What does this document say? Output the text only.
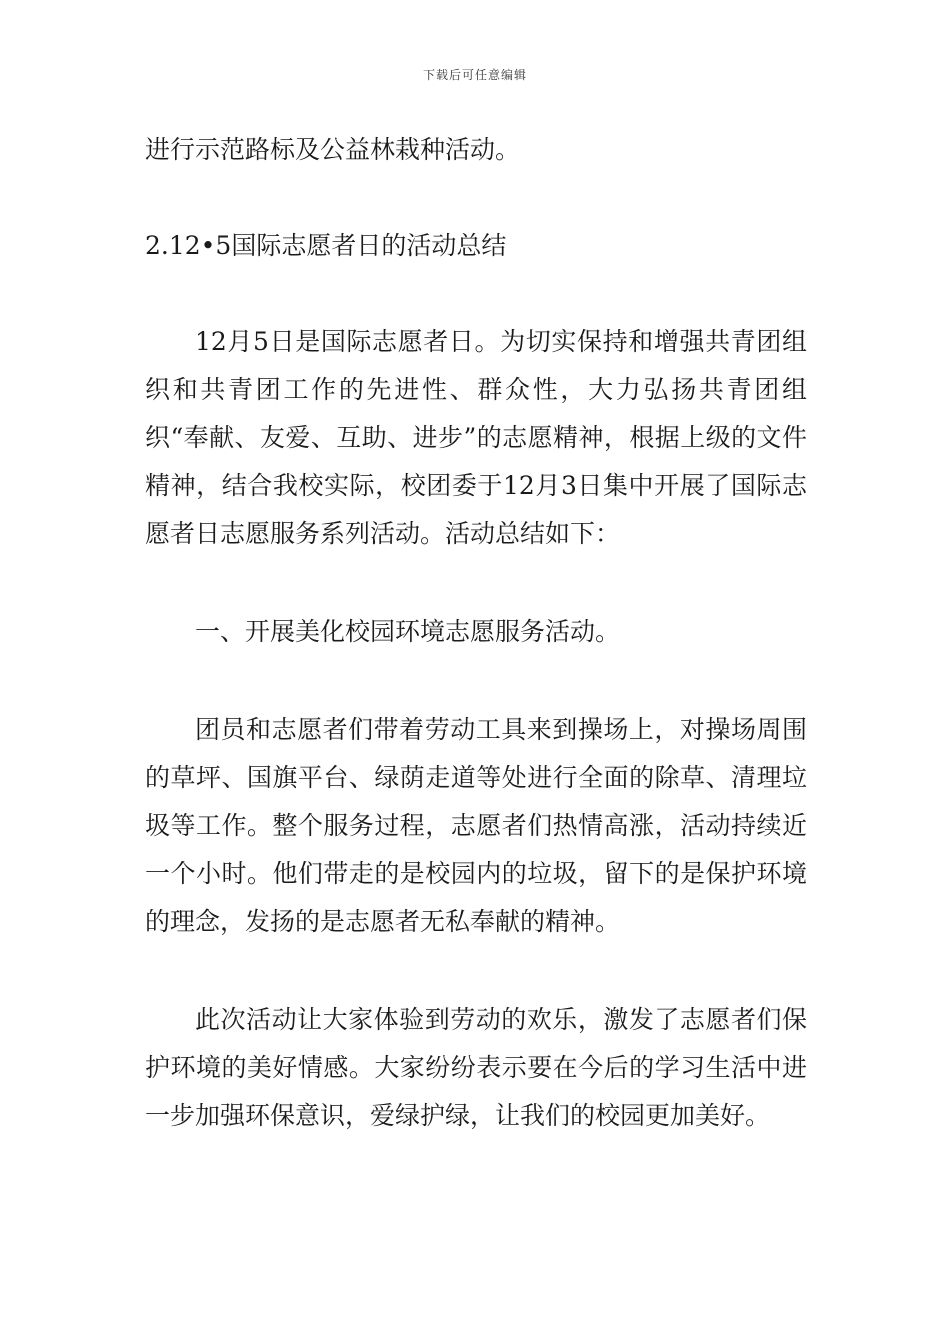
下载后可任意编辑

进行示范路标及公益林栽种活动。

2.12•5国际志愿者日的活动总结

12月5日是国际志愿者日。为切实保持和增强共青团组织和共青团工作的先进性、群众性，大力弘扬共青团组织“奉献、友爱、互助、进步”的志愿精神，根据上级的文件精神，结合我校实际，校团委于12月3日集中开展了国际志愿者日志愿服务系列活动。活动总结如下：

一、开展美化校园环境志愿服务活动。

团员和志愿者们带着劳动工具来到操场上，对操场周围的草坪、国旗平台、绿荫走道等处进行全面的除草、清理垃圾等工作。整个服务过程，志愿者们热情高涨，活动持续近一个小时。他们带走的是校园内的垃圾，留下的是保护环境的理念，发扬的是志愿者无私奉献的精神。

此次活动让大家体验到劳动的欢乐，激发了志愿者们保护环境的美好情感。大家纷纷表示要在今后的学习生活中进一步加强环保意识，爱绿护绿，让我们的校园更加美好。
